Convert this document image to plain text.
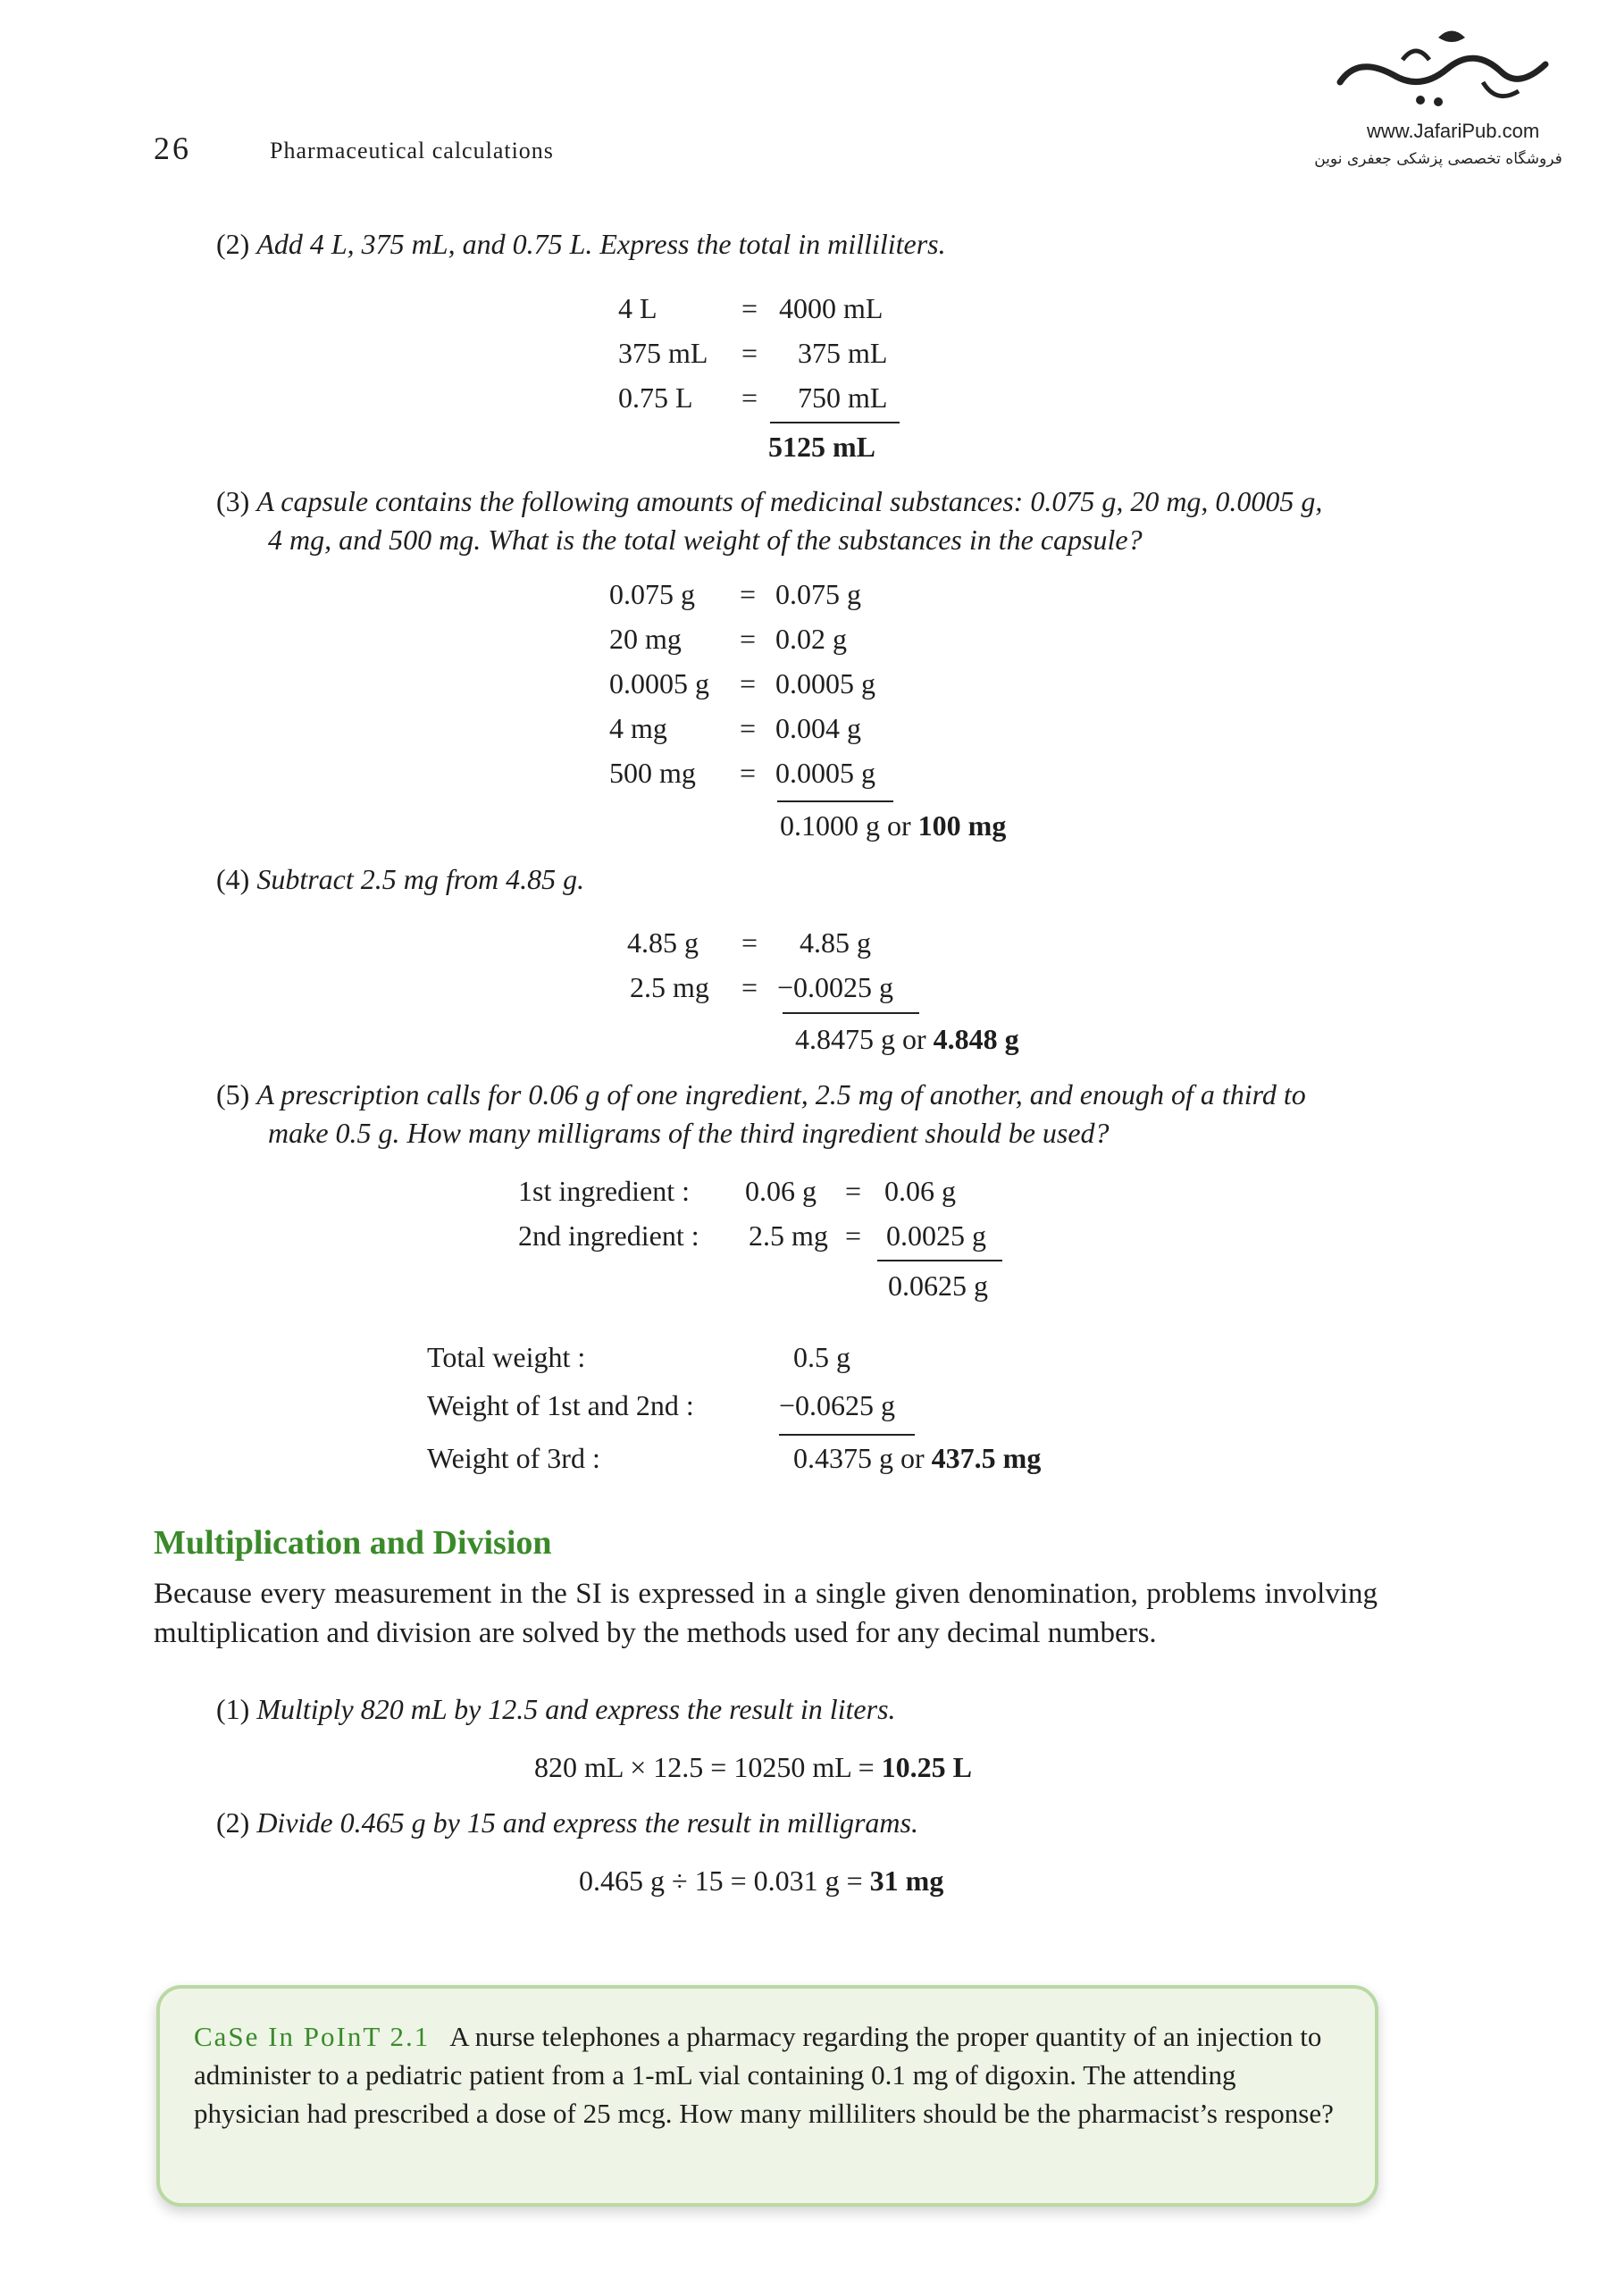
26	Pharmaceutical calculations
www.JafariPub.com
فروشگاه تخصصی پزشکی جعفری نوین
(2) Add 4 L, 375 mL, and 0.75 L. Express the total in milliliters.
4 L	= 4000 mL
375 mL = 375 mL
0.75 L = 750 mL
5125 mL
(3) A capsule contains the following amounts of medicinal substances: 0.075 g, 20 mg, 0.0005 g,
4 mg, and 500 mg. What is the total weight of the substances in the capsule?
0.075 g = 0.075 g
20 mg = 0.02 g
0.0005 g = 0.0005 g
4 mg	= 0.004 g
500 mg = 0.0005 g
0.1000 g or 100 mg
(4) Subtract 2.5 mg from 4.85 g.
4.85 g = 4.85 g
2.5 mg = −0.0025 g
4.8475 g or 4.848 g
(5) A prescription calls for 0.06 g of one ingredient, 2.5 mg of another, and enough of a third to
make 0.5 g. How many milligrams of the third ingredient should be used?
1st ingredient : 0.06 g = 0.06 g
2nd ingredient : 2.5 mg = 0.0025 g
0.0625 g
Total weight :	0.5 g
Weight of 1st and 2nd :	−0.0625 g
Weight of 3rd :	0.4375 g or 437.5 mg
Multiplication and Division
Because every measurement in the SI is expressed in a single given denomination, problems involving multiplication and division are solved by the methods used for any decimal numbers.
(1) Multiply 820 mL by 12.5 and express the result in liters.
820 mL × 12.5 = 10250 mL = 10.25 L
(2) Divide 0.465 g by 15 and express the result in milligrams.
0.465 g ÷ 15 = 0.031 g = 31 mg
CaSe In PoInT 2.1 A nurse telephones a pharmacy regarding the proper quantity of an injection to administer to a pediatric patient from a 1-mL vial containing 0.1 mg of digoxin. The attending physician had prescribed a dose of 25 mcg. How many milliliters should be the pharmacist’s response?
